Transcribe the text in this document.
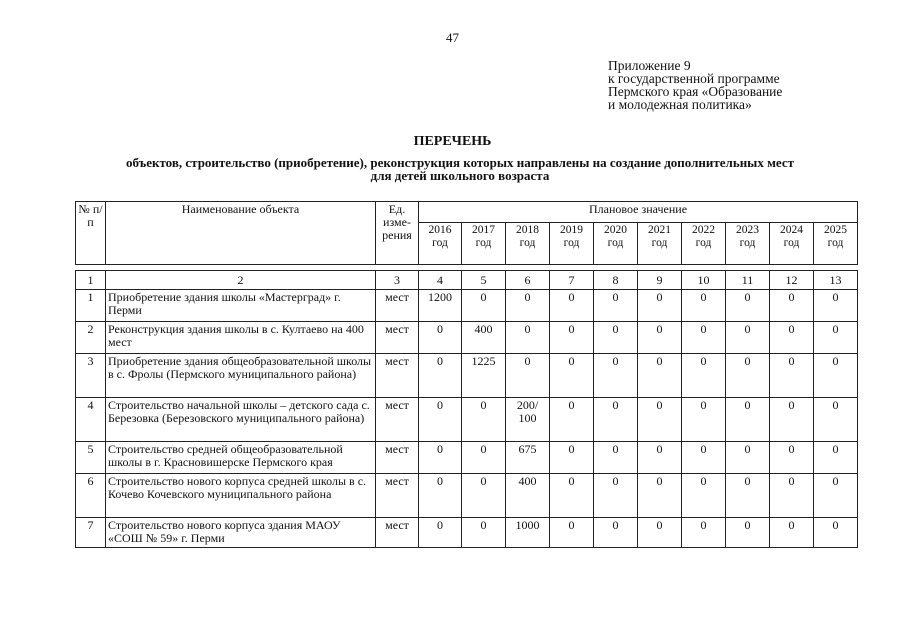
47
Приложение 9
к государственной программе
Пермского края «Образование
и молодежная политика»
ПЕРЕЧЕНЬ
объектов, строительство (приобретение), реконструкция которых направлены на создание дополнительных мест
для детей школьного возраста
№ п/п	Наименование объекта	Ед. изме- рения	Плановое значение									
			2016 год	2017 год	2018 год	2019 год	2020 год	2021 год	2022 год	2023 год	2024 год	2025 год

1	2	3	4	5	6	7	8	9	10	11	12	13
1	Приобретение здания школы «Мастерград» г. Перми	мест	1200	0	0	0	0	0	0	0	0	0
2	Реконструкция здания школы в с. Култаево на 400 мест	мест	0	400	0	0	0	0	0	0	0	0
3	Приобретение здания общеобразовательной школы в с. Фролы (Пермского муниципального района)	мест	0	1225	0	0	0	0	0	0	0	0
4	Строительство начальной школы – детского сада с. Березовка (Березовского муниципального района)	мест	0	0	200/ 100	0	0	0	0	0	0	0
5	Строительство средней общеобразовательной школы в г. Красновишерске Пермского края	мест	0	0	675	0	0	0	0	0	0	0
6	Строительство нового корпуса средней школы в с. Кочево Кочевского муниципального района	мест	0	0	400	0	0	0	0	0	0	0
7	Строительство нового корпуса здания МАОУ «СОШ № 59» г. Перми	мест	0	0	1000	0	0	0	0	0	0	0
